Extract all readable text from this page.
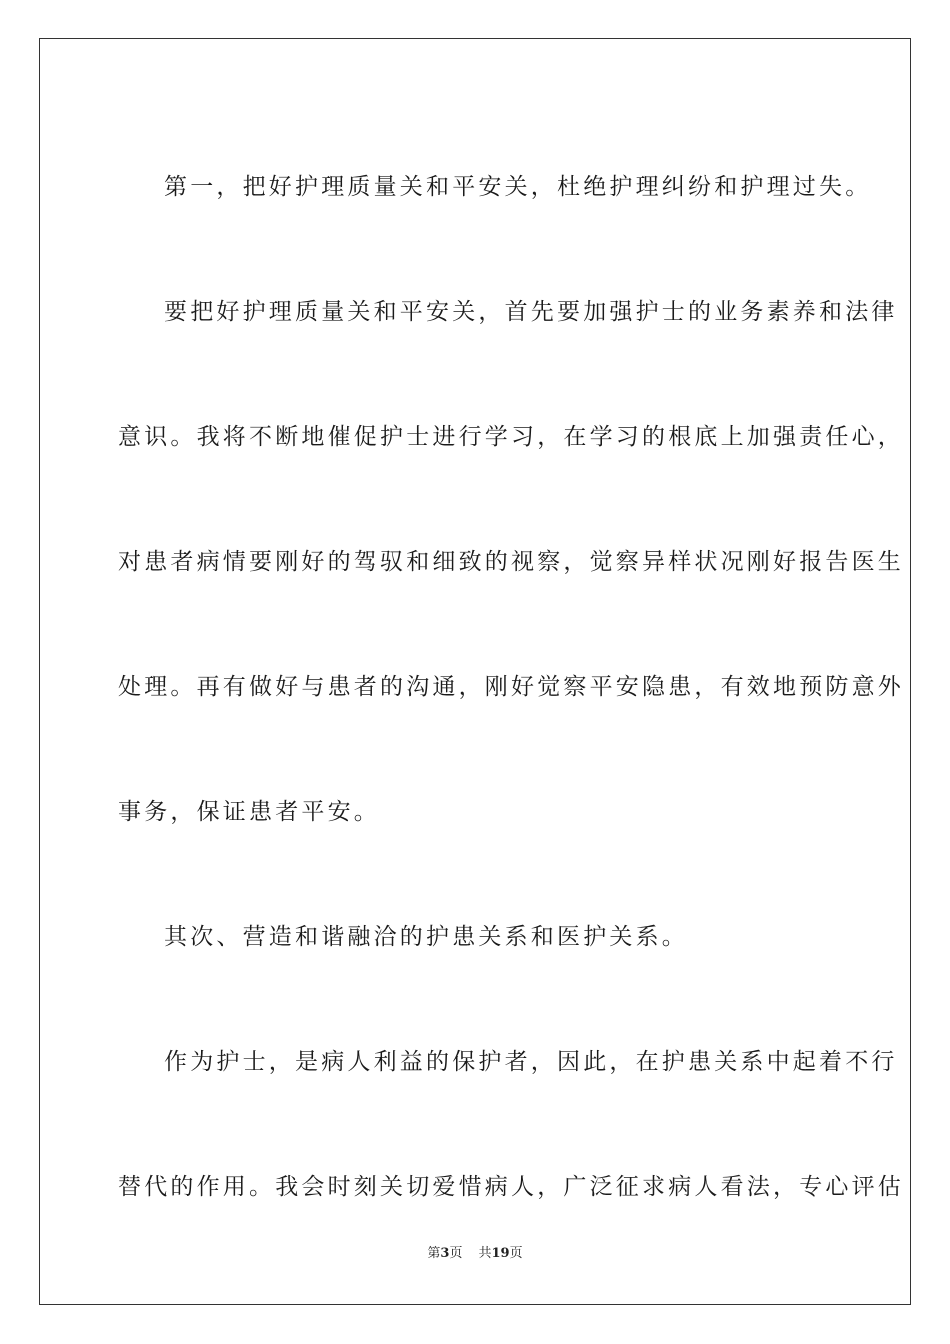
第一，把好护理质量关和平安关，杜绝护理纠纷和护理过失。
要把好护理质量关和平安关，首先要加强护士的业务素养和法律
意识。我将不断地催促护士进行学习，在学习的根底上加强责任心，
对患者病情要刚好的驾驭和细致的视察，觉察异样状况刚好报告医生
处理。再有做好与患者的沟通，刚好觉察平安隐患，有效地预防意外
事务，保证患者平安。
其次、营造和谐融洽的护患关系和医护关系。
作为护士，是病人利益的保护者，因此，在护患关系中起着不行
替代的作用。我会时刻关切爱惜病人，广泛征求病人看法，专心评估
第3页 共19页
